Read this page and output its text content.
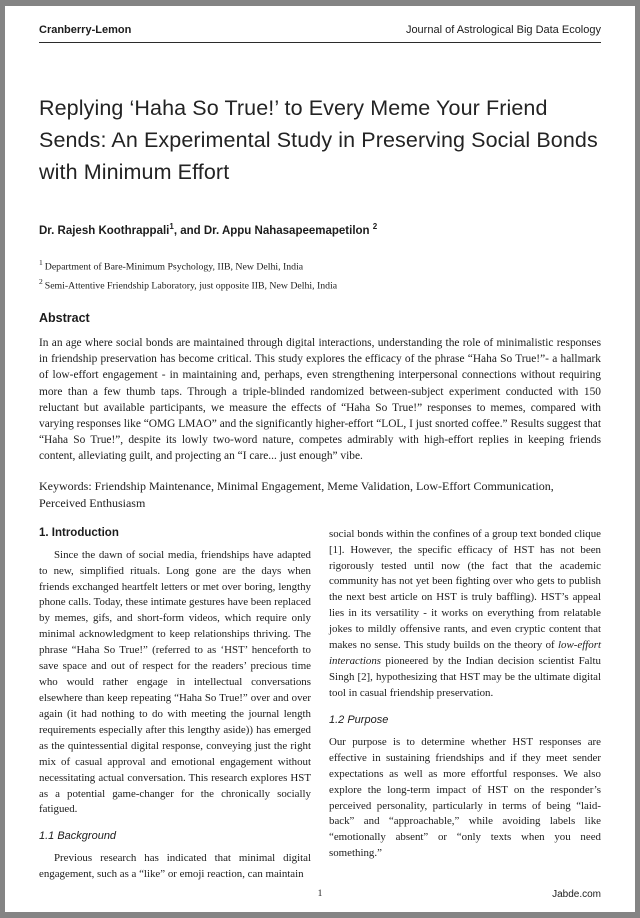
Cranberry-Lemon	Journal of Astrological Big Data Ecology
Replying ‘Haha So True!’ to Every Meme Your Friend Sends: An Experimental Study in Preserving Social Bonds with Minimum Effort

Dr. Rajesh Koothrappali$^1$, and Dr. Appu Nahasapeemapetilon $^2$

$^1$ Department of Bare-Minimum Psychology, IIB, New Delhi, India

$^2$ Semi-Attentive Friendship Laboratory, just opposite IIB, New Delhi, India

Abstract

In an age where social bonds are maintained through digital interactions, understanding the role of minimalistic responses in friendship preservation has become critical. This study explores the efficacy of the phrase “Haha So True!”- a hallmark of low-effort engagement - in maintaining and, perhaps, even strengthening interpersonal connections without requiring more than a few thumb taps. Through a triple-blinded randomized between-subject experiment conducted with 150 reluctant but available participants, we measure the effects of “Haha So True!” responses to memes, compared with varying responses like “OMG LMAO” and the significantly higher-effort “LOL, I just snorted coffee.” Results suggest that “Haha So True!”, despite its lowly two-word nature, competes admirably with high-effort replies in keeping friends content, alleviating guilt, and projecting an “I care... just enough” vibe.

Keywords: Friendship Maintenance, Minimal Engagement, Meme Validation, Low-Effort Communication, Perceived Enthusiasm

1. Introduction

Since the dawn of social media, friendships have adapted to new, simplified rituals. Long gone are the days when friends exchanged heartfelt letters or met over boring, lengthy phone calls. Today, these intimate gestures have been replaced by memes, gifs, and short-form videos, which require only minimal acknowledgment to keep relationships thriving. The phrase “Haha So True!” (referred to as ‘HST’ henceforth to save space and out of respect for the readers’ precious time who would rather engage in intellectual conversations elsewhere than keep repeating “Haha So True!” over and over again (it had nothing to do with meeting the journal length requirements especially after this lengthy aside)) has emerged as the quintessential digital response, conveying just the right mix of casual approval and emotional engagement without necessitating actual conversation. This research explores HST as a potential game-changer for the chronically socially fatigued.

1.1 Background

Previous research has indicated that minimal digital engagement, such as a “like” or emoji reaction, can maintain

social bonds within the confines of a group text bonded clique [1]. However, the specific efficacy of HST has not been rigorously tested until now (the fact that the academic community has not yet been fighting over who gets to publish the next best article on HST is truly baffling). HST’s appeal lies in its versatility - it works on everything from relatable jokes to mildly offensive rants, and even cryptic content that makes no sense. This study builds on the theory of low-effort interactions pioneered by the Indian decision scientist Faltu Singh [2], hypothesizing that HST may be the ultimate digital tool in casual friendship preservation.

1.2 Purpose

Our purpose is to determine whether HST responses are effective in sustaining friendships and if they meet sender expectations as well as more effortful responses. We also explore the long-term impact of HST on the responder’s perceived personality, particularly in terms of being “laid-back” and “approachable,” while avoiding labels like “emotionally absent” or “only texts when you need something.”

1	Jabde.com
